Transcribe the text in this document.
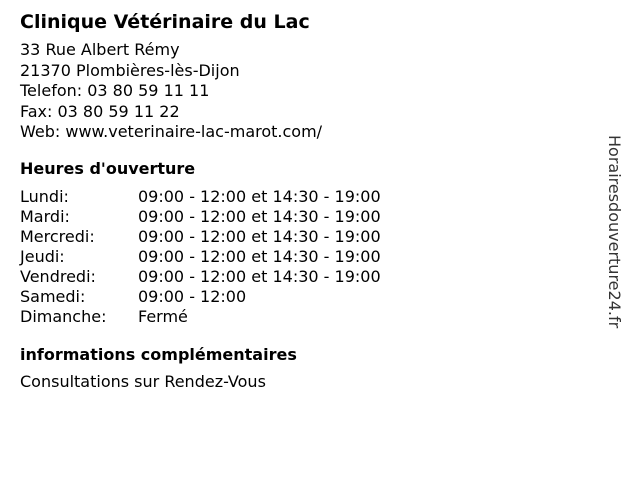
Clinique Vétérinaire du Lac
33 Rue Albert Rémy
21370 Plombières-lès-Dijon
Telefon: 03 80 59 11 11
Fax: 03 80 59 11 22
Web: www.veterinaire-lac-marot.com/
Heures d'ouverture
Lundi:	09:00 - 12:00 et 14:30 - 19:00
Mardi:	09:00 - 12:00 et 14:30 - 19:00
Mercredi:	09:00 - 12:00 et 14:30 - 19:00
Jeudi:	09:00 - 12:00 et 14:30 - 19:00
Vendredi:	09:00 - 12:00 et 14:30 - 19:00
Samedi:	09:00 - 12:00
Dimanche:	Fermé
informations complémentaires
Consultations sur Rendez-Vous
Horairesdouverture24.fr
